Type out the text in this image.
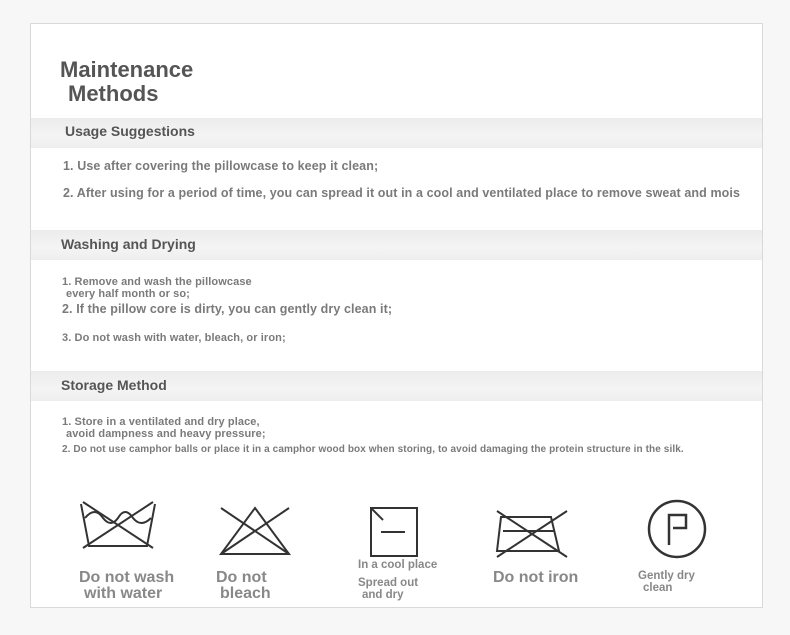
Maintenance
Methods
Usage Suggestions
1. Use after covering the pillowcase to keep it clean;
2. After using for a period of time, you can spread it out in a cool and ventilated place to remove sweat and mois
Washing and Drying
1. Remove and wash the pillowcase
every half month or so;
2. If the pillow core is dirty, you can gently dry clean it;
3. Do not wash with water, bleach, or iron;
Storage Method
1. Store in a ventilated and dry place,
avoid dampness and heavy pressure;
2. Do not use camphor balls or place it in a camphor wood box when storing, to avoid damaging the protein structure in the silk.
Do not wash
with water
Do not
bleach
In a cool place
Spread out
and dry
Do not iron	Gently dry
clean
